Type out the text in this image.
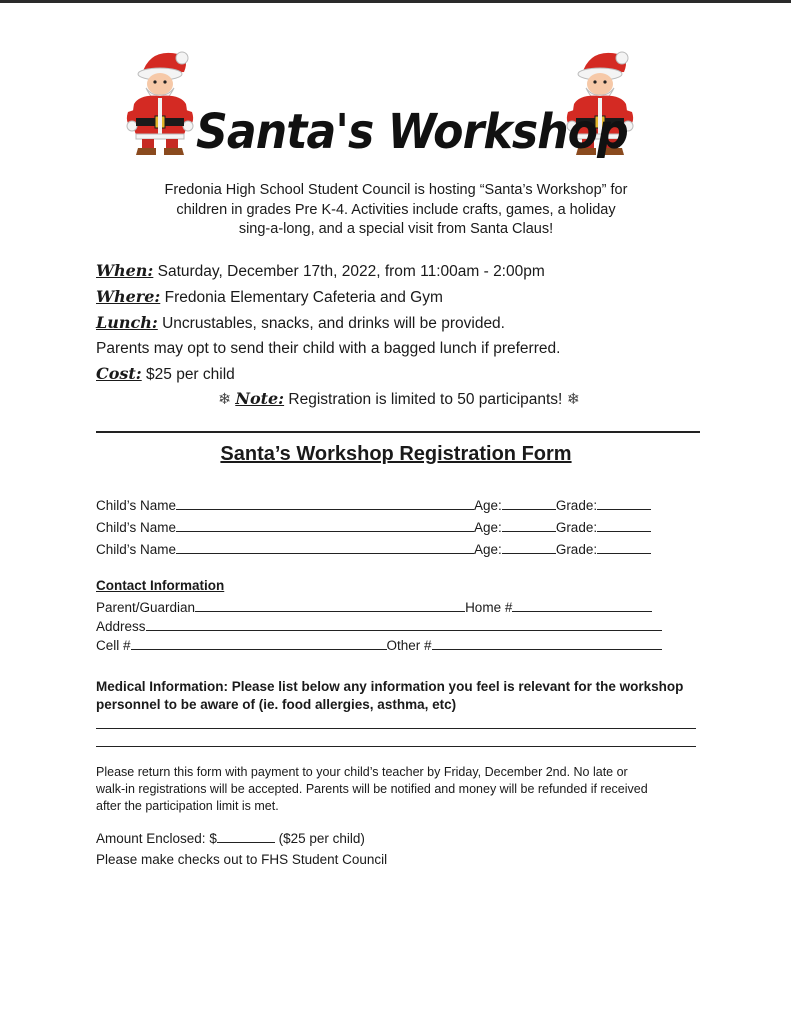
Santa's Workshop
Fredonia High School Student Council is hosting “Santa’s Workshop” for
children in grades Pre K-4. Activities include crafts, games, a holiday
sing-a-long, and a special visit from Santa Claus!
When: Saturday, December 17th, 2022, from 11:00am - 2:00pm
Where: Fredonia Elementary Cafeteria and Gym
Lunch: Uncrustables, snacks, and drinks will be provided.
Parents may opt to send their child with a bagged lunch if preferred.
Cost: $25 per child
❄ Note: Registration is limited to 50 participants! ❄
Santa’s Workshop Registration Form
Child’s Name	Age:	Grade:
Child’s Name	Age:	Grade:
Child’s Name	Age:	Grade:
Contact Information
Parent/Guardian	Home #
Address
Cell #	Other #
Medical Information: Please list below any information you feel is relevant for the workshop
personnel to be aware of (ie. food allergies, asthma, etc)
Please return this form with payment to your child’s teacher by Friday, December 2nd. No late or
walk-in registrations will be accepted. Parents will be notified and money will be refunded if received
after the participation limit is met.
Amount Enclosed: $	($25 per child)
Please make checks out to FHS Student Council
